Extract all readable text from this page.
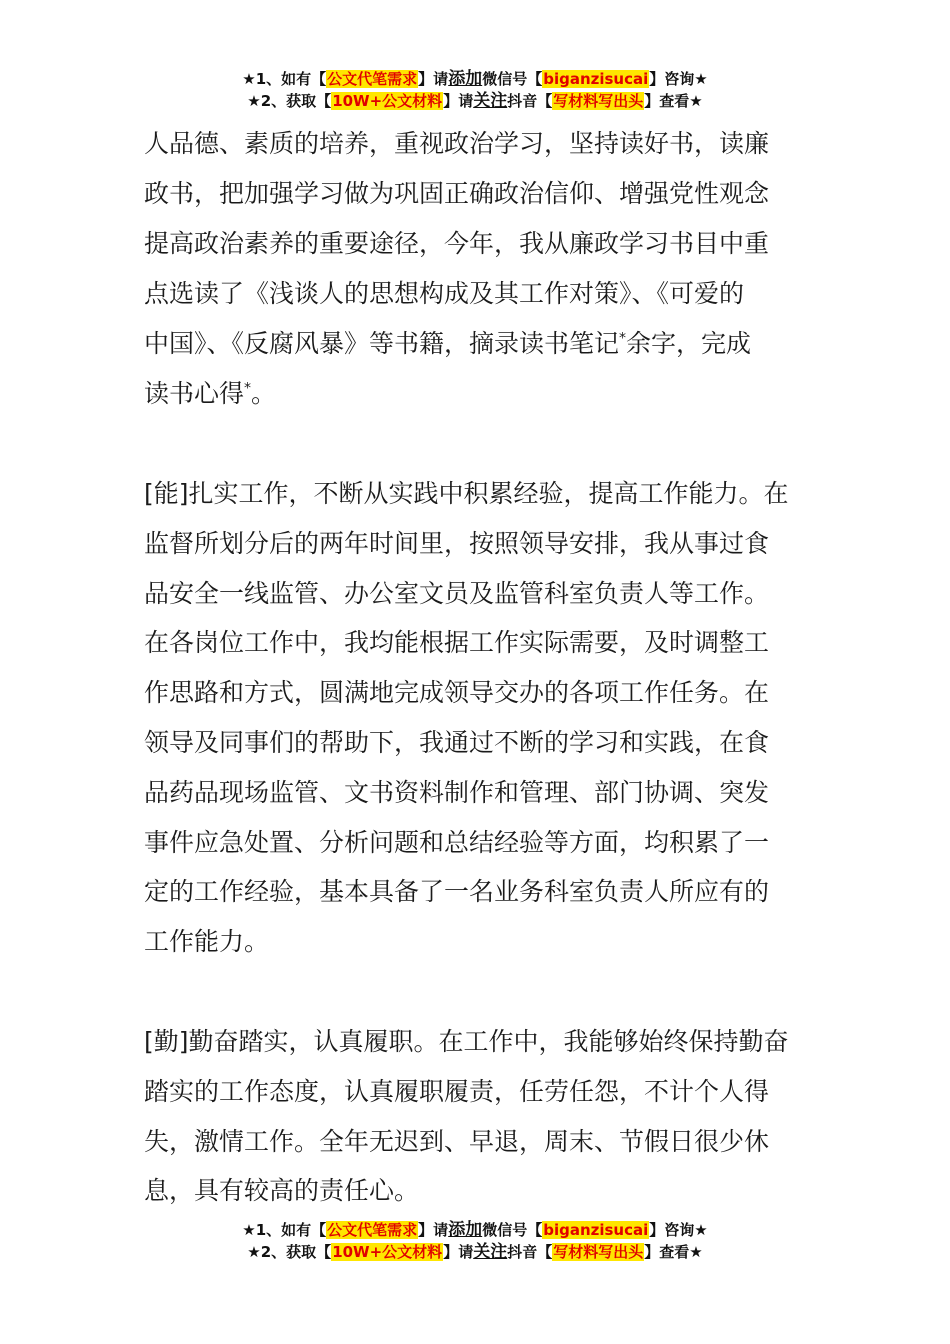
★1、如有【公文代笔需求】请添加微信号【biganzisucai】咨询★
★2、获取【10W+公文材料】请关注抖音【写材料写出头】查看★
人品德、素质的培养，重视政治学习，坚持读好书，读廉
政书，把加强学习做为巩固正确政治信仰、增强党性观念
提高政治素养的重要途径，今年，我从廉政学习书目中重
点选读了《浅谈人的思想构成及其工作对策》、《可爱的
中国》、《反腐风暴》等书籍，摘录读书笔记*余字，完成
读书心得*。
[能]扎实工作，不断从实践中积累经验，提高工作能力。在
监督所划分后的两年时间里，按照领导安排，我从事过食
品安全一线监管、办公室文员及监管科室负责人等工作。
在各岗位工作中，我均能根据工作实际需要，及时调整工
作思路和方式，圆满地完成领导交办的各项工作任务。在
领导及同事们的帮助下，我通过不断的学习和实践，在食
品药品现场监管、文书资料制作和管理、部门协调、突发
事件应急处置、分析问题和总结经验等方面，均积累了一
定的工作经验，基本具备了一名业务科室负责人所应有的
工作能力。
[勤]勤奋踏实，认真履职。在工作中，我能够始终保持勤奋
踏实的工作态度，认真履职履责，任劳任怨，不计个人得
失，激情工作。全年无迟到、早退，周末、节假日很少休
息，具有较高的责任心。
★1、如有【公文代笔需求】请添加微信号【biganzisucai】咨询★
★2、获取【10W+公文材料】请关注抖音【写材料写出头】查看★
